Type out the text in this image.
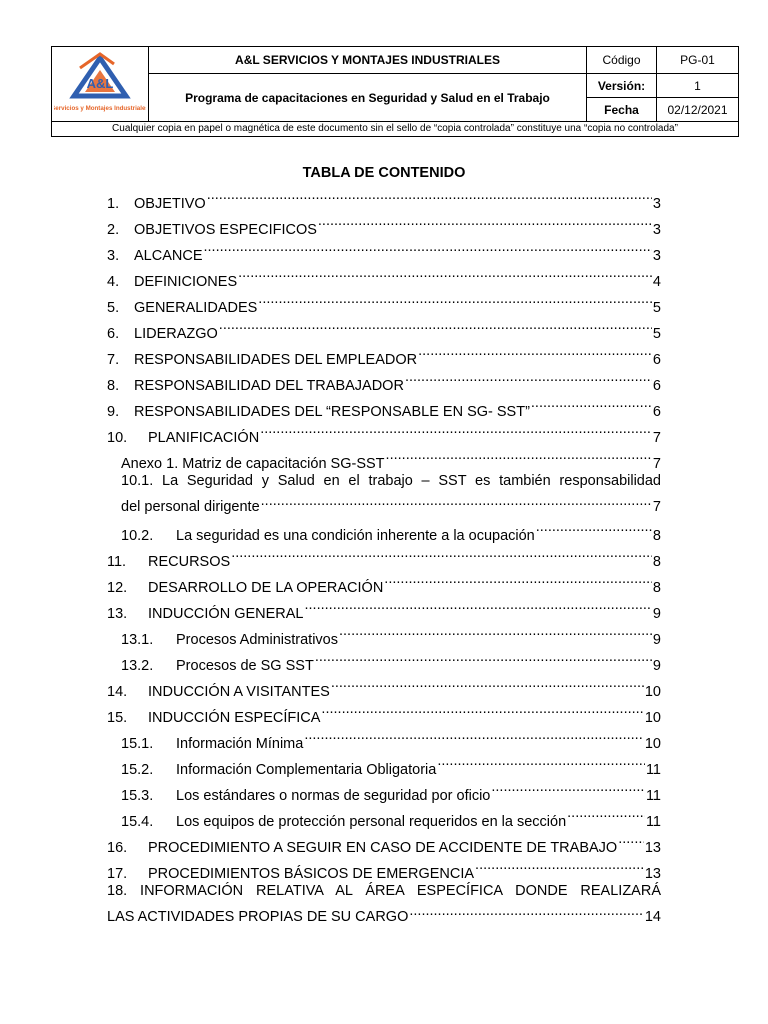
A&L
Servicios y Montajes Industriales	A&L SERVICIOS Y MONTAJES INDUSTRIALES	Código	PG-01
	Programa de capacitaciones en Seguridad y Salud en el Trabajo	Versión:	1
		Fecha	02/12/2021
Cualquier copia en papel o magnética de este documento sin el sello de “copia controlada” constituye una “copia no controlada”			
TABLA DE CONTENIDO
1.	OBJETIVO .....	3
2.	OBJETIVOS ESPECIFICOS .....	3
3.	ALCANCE .....	3
4.	DEFINICIONES .....	4
5.	GENERALIDADES .....	5
6.	LIDERAZGO .....	5
7.	RESPONSABILIDADES DEL EMPLEADOR .....	6
8.	RESPONSABILIDAD DEL TRABAJADOR .....	6
9.	RESPONSABILIDADES DEL “RESPONSABLE EN SG- SST” .....	6
10.	PLANIFICACIÓN .....	7
Anexo 1. Matriz de capacitación SG-SST .....	7
10.1. La Seguridad y Salud en el trabajo – SST es también responsabilidad
del personal dirigente .....	7
10.2.	La seguridad es una condición inherente a la ocupación .....	8
11.	RECURSOS .....	8
12.	DESARROLLO DE LA OPERACIÓN .....	8
13.	INDUCCIÓN GENERAL .....	9
13.1.	Procesos Administrativos .....	9
13.2.	Procesos de SG SST .....	9
14.	INDUCCIÓN A VISITANTES .....	10
15.	INDUCCIÓN ESPECÍFICA .....	10
15.1.	Información Mínima .....	10
15.2.	Información Complementaria Obligatoria .....	11
15.3.	Los estándares o normas de seguridad por oficio .....	11
15.4.	Los equipos de protección personal requeridos en la sección .....	11
16.	PROCEDIMIENTO A SEGUIR EN CASO DE ACCIDENTE DE TRABAJO ..... 13
17.	PROCEDIMIENTOS BÁSICOS DE EMERGENCIA .....	13
18. INFORMACIÓN RELATIVA AL ÁREA ESPECÍFICA DONDE REALIZARÁ
LAS ACTIVIDADES PROPIAS DE SU CARGO .....	14
